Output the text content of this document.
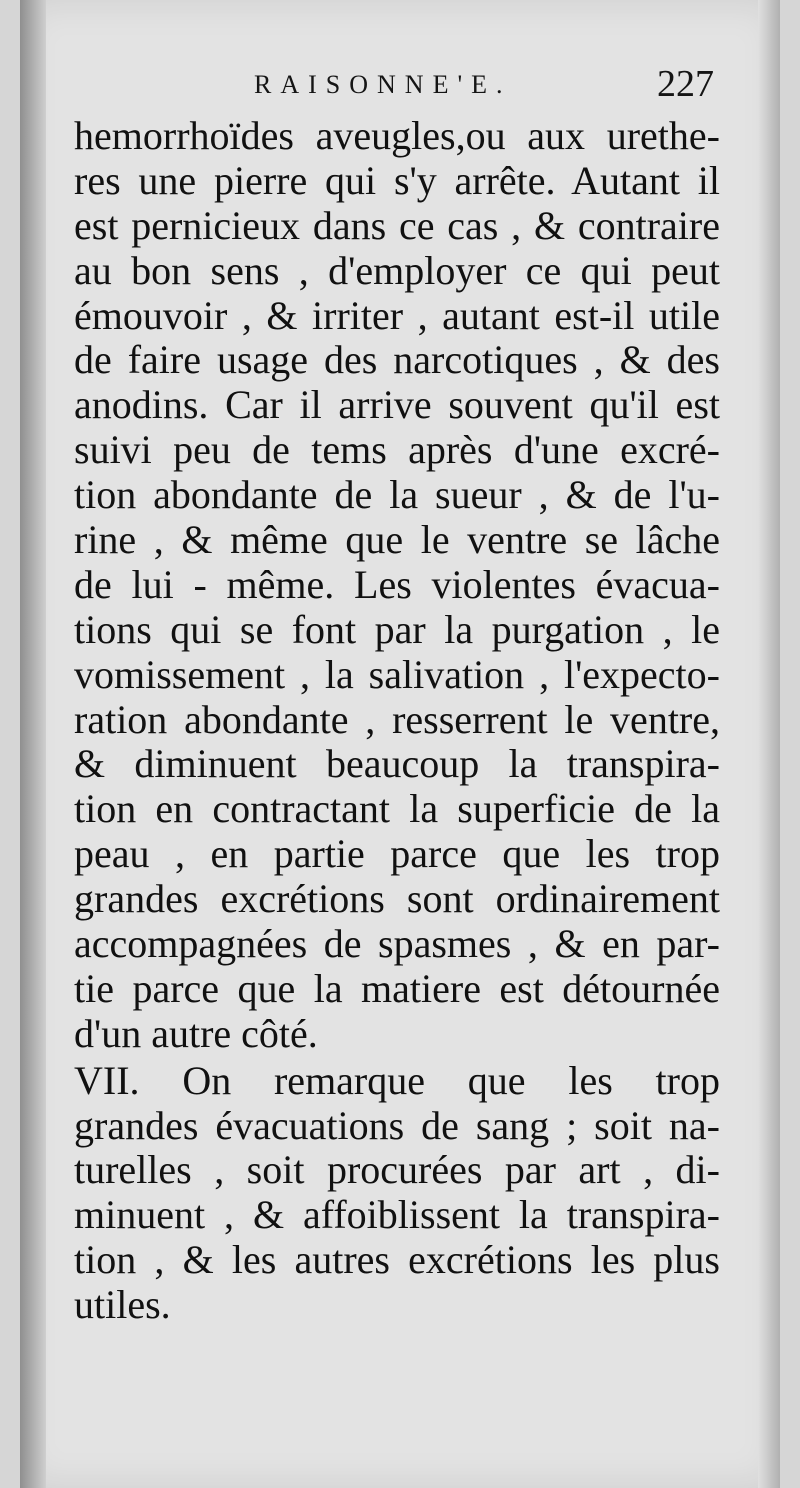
RAISONNE'E.	227
hemorrhoïdes aveugles,ou aux urethe-
res une pierre qui s'y arrête. Autant il
est pernicieux dans ce cas , & contraire
au bon sens , d'employer ce qui peut
émouvoir , & irriter , autant est-il utile
de faire usage des narcotiques , & des
anodins. Car il arrive souvent qu'il est
suivi peu de tems après d'une excré-
tion abondante de la sueur , & de l'u-
rine , & même que le ventre se lâche
de lui - même. Les violentes évacua-
tions qui se font par la purgation , le
vomissement , la salivation , l'expecto-
ration abondante , resserrent le ventre,
& diminuent beaucoup la transpira-
tion en contractant la superficie de la
peau , en partie parce que les trop
grandes excrétions sont ordinairement
accompagnées de spasmes , & en par-
tie parce que la matiere est détournée
d'un autre côté.
VII. On remarque que les trop
grandes évacuations de sang ; soit na-
turelles , soit procurées par art , di-
minuent , & affoiblissent la transpira-
tion , & les autres excrétions les plus
utiles.
